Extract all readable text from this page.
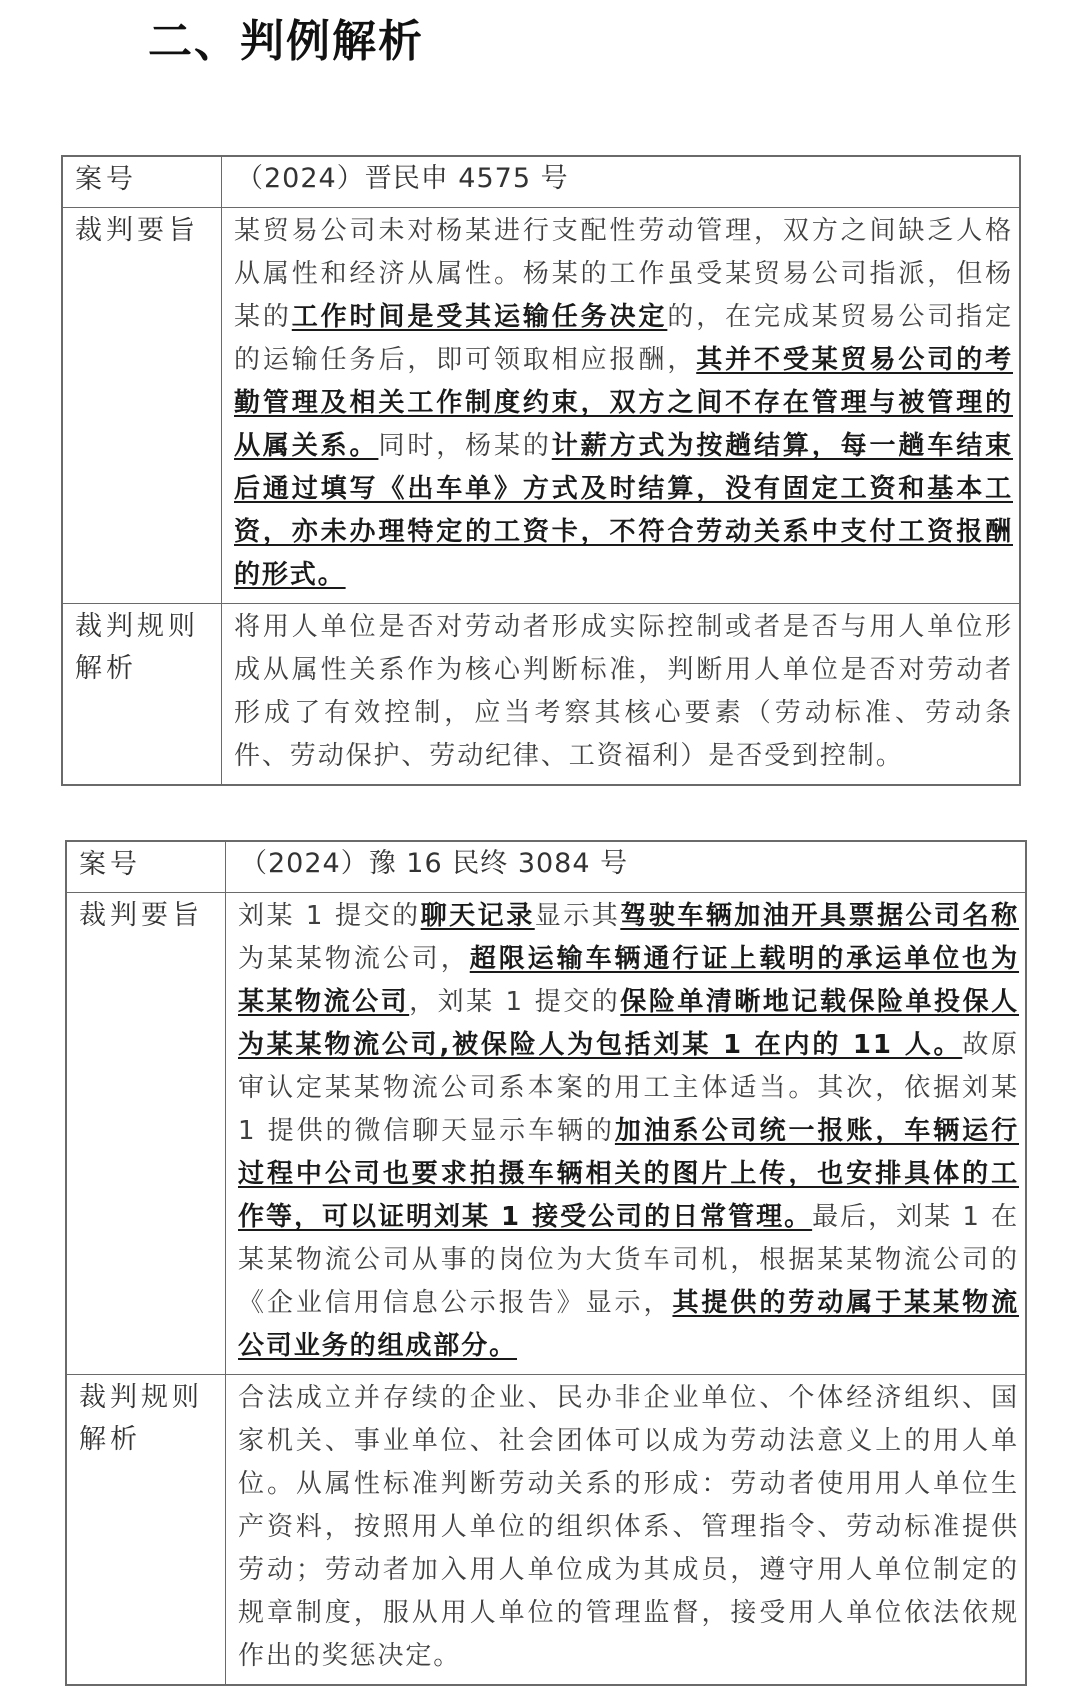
二、判例解析
案号	（2024）晋民申 4575 号

裁判要旨	某贸易公司未对杨某进行支配性劳动管理，双方之间缺乏人格从属性和经济从属性。杨某的工作虽受某贸易公司指派，但杨某的工作时间是受其运输任务决定的，在完成某贸易公司指定的运输任务后，即可领取相应报酬，其并不受某贸易公司的考勤管理及相关工作制度约束，双方之间不存在管理与被管理的从属关系。同时，杨某的计薪方式为按趟结算，每一趟车结束后通过填写《出车单》方式及时结算，没有固定工资和基本工资，亦未办理特定的工资卡，不符合劳动关系中支付工资报酬的形式。

裁判规则解析	将用人单位是否对劳动者形成实际控制或者是否与用人单位形成从属性关系作为核心判断标准，判断用人单位是否对劳动者形成了有效控制，应当考察其核心要素（劳动标准、劳动条件、劳动保护、劳动纪律、工资福利）是否受到控制。

案号	（2024）豫 16 民终 3084 号

裁判要旨	刘某 1 提交的聊天记录显示其驾驶车辆加油开具票据公司名称为某某物流公司，超限运输车辆通行证上载明的承运单位也为某某物流公司，刘某 1 提交的保险单清晰地记载保险单投保人为某某物流公司,被保险人为包括刘某 1 在内的 11 人。故原审认定某某物流公司系本案的用工主体适当。其次，依据刘某 1 提供的微信聊天显示车辆的加油系公司统一报账，车辆运行过程中公司也要求拍摄车辆相关的图片上传，也安排具体的工作等，可以证明刘某 1 接受公司的日常管理。最后，刘某 1 在某某物流公司从事的岗位为大货车司机，根据某某物流公司的《企业信用信息公示报告》显示，其提供的劳动属于某某物流公司业务的组成部分。

裁判规则解析	合法成立并存续的企业、民办非企业单位、个体经济组织、国家机关、事业单位、社会团体可以成为劳动法意义上的用人单位。从属性标准判断劳动关系的形成：劳动者使用用人单位生产资料，按照用人单位的组织体系、管理指令、劳动标准提供劳动；劳动者加入用人单位成为其成员，遵守用人单位制定的规章制度，服从用人单位的管理监督，接受用人单位依法依规作出的奖惩决定。
